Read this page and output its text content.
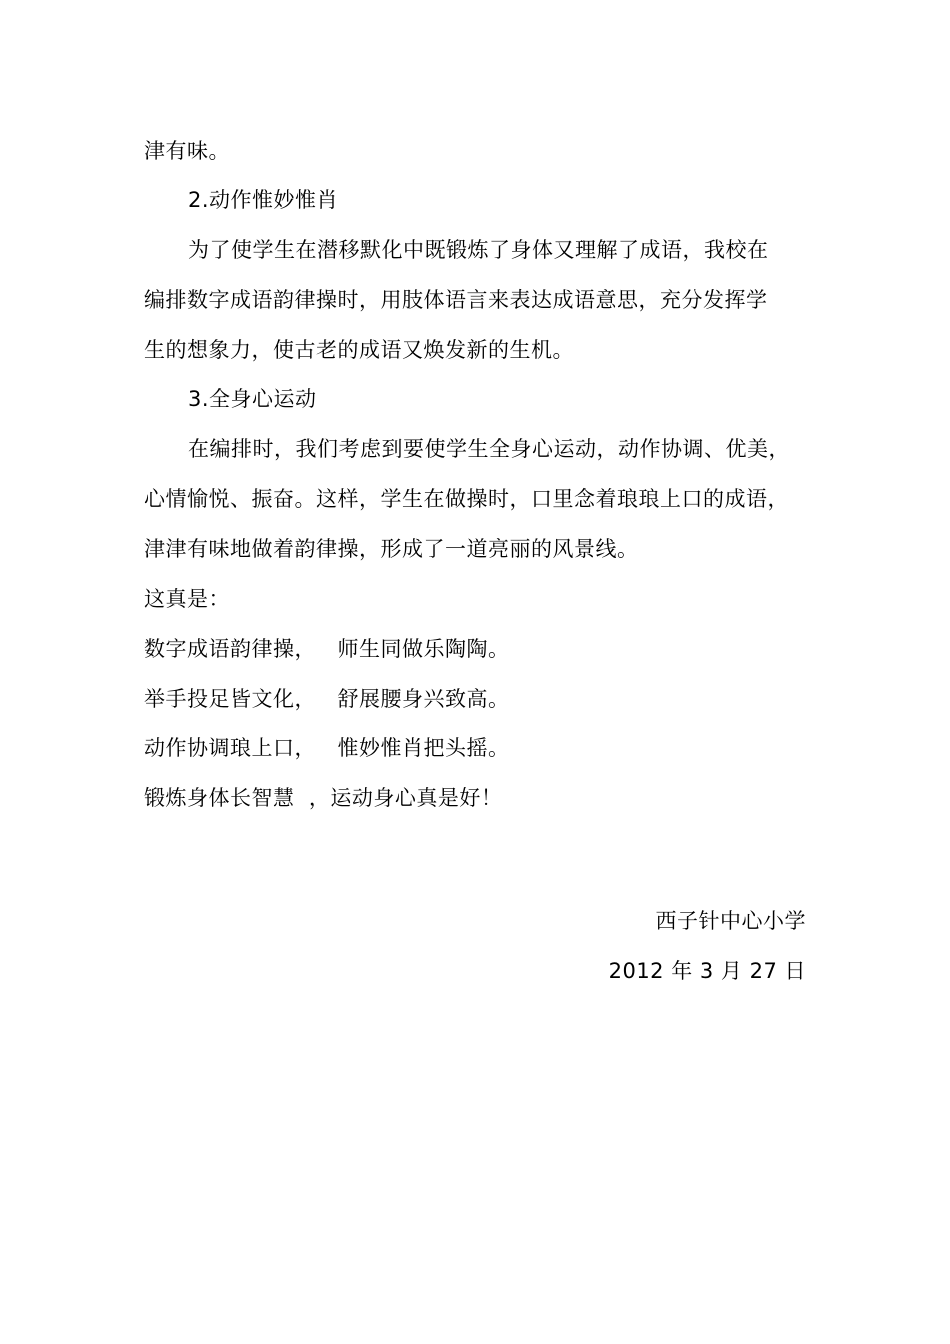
津有味。
2.动作惟妙惟肖
为了使学生在潜移默化中既锻炼了身体又理解了成语，我校在
编排数字成语韵律操时，用肢体语言来表达成语意思，充分发挥学
生的想象力，使古老的成语又焕发新的生机。
3.全身心运动
在编排时，我们考虑到要使学生全身心运动，动作协调、优美，
心情愉悦、振奋。这样，学生在做操时，口里念着琅琅上口的成语，
津津有味地做着韵律操，形成了一道亮丽的风景线。
这真是：
数字成语韵律操，   师生同做乐陶陶。
举手投足皆文化，   舒展腰身兴致高。
动作协调琅上口，   惟妙惟肖把头摇。
锻炼身体长智慧  ，运动身心真是好！
西子针中心小学
2012 年 3 月 27 日
